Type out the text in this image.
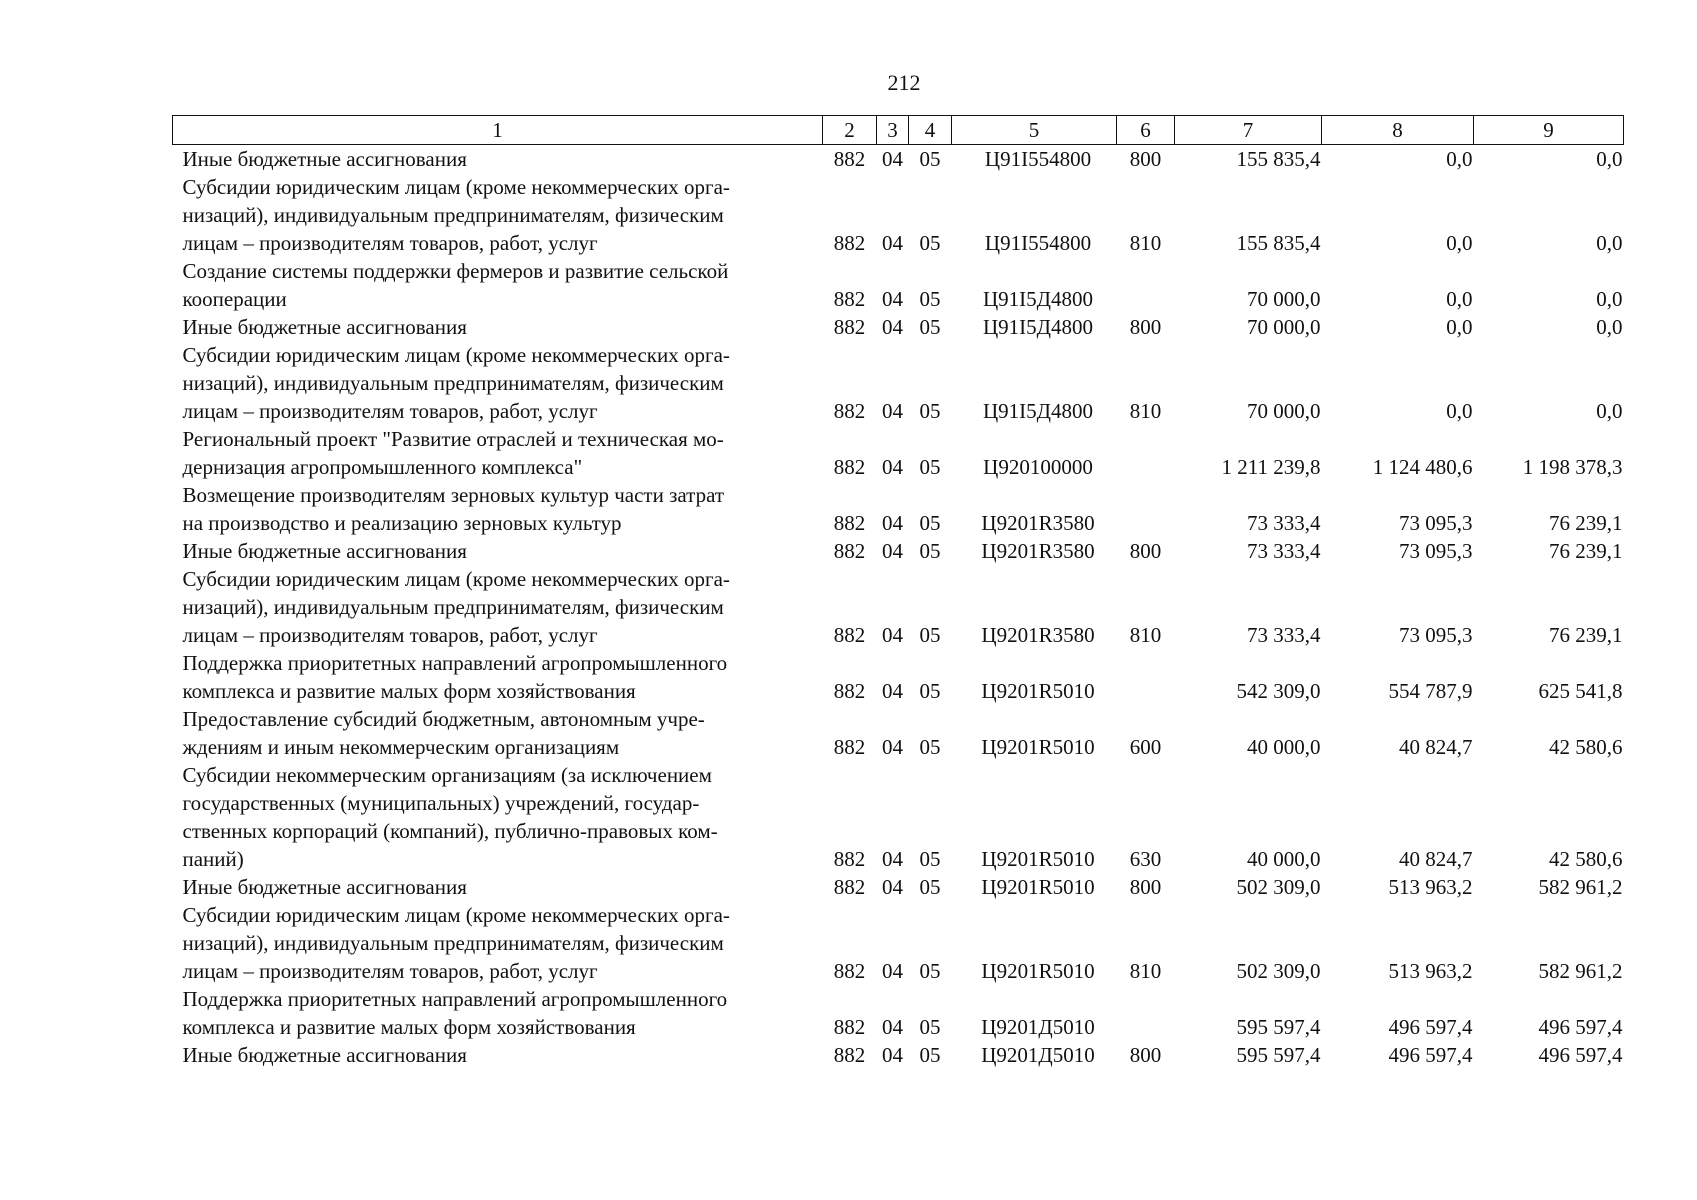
212
1	2	3	4	5	6	7	8	9
Иные бюджетные ассигнования	882	04	05	Ц91I554800	800	155 835,4	0,0	0,0
Субсидии юридическим лицам (кроме некоммерческих орга-
низаций), индивидуальным предпринимателям, физическим
лицам – производителям товаров, работ, услуг	882	04	05	Ц91I554800	810	155 835,4	0,0	0,0
Создание системы поддержки фермеров и развитие сельской
кооперации	882	04	05	Ц91I5Д4800		70 000,0	0,0	0,0
Иные бюджетные ассигнования	882	04	05	Ц91I5Д4800	800	70 000,0	0,0	0,0
Субсидии юридическим лицам (кроме некоммерческих орга-
низаций), индивидуальным предпринимателям, физическим
лицам – производителям товаров, работ, услуг	882	04	05	Ц91I5Д4800	810	70 000,0	0,0	0,0
Региональный проект "Развитие отраслей и техническая мо-
дернизация агропромышленного комплекса"	882	04	05	Ц920100000		1 211 239,8	1 124 480,6	1 198 378,3
Возмещение производителям зерновых культур части затрат
на производство и реализацию зерновых культур	882	04	05	Ц9201R3580		73 333,4	73 095,3	76 239,1
Иные бюджетные ассигнования	882	04	05	Ц9201R3580	800	73 333,4	73 095,3	76 239,1
Субсидии юридическим лицам (кроме некоммерческих орга-
низаций), индивидуальным предпринимателям, физическим
лицам – производителям товаров, работ, услуг	882	04	05	Ц9201R3580	810	73 333,4	73 095,3	76 239,1
Поддержка приоритетных направлений агропромышленного
комплекса и развитие малых форм хозяйствования	882	04	05	Ц9201R5010		542 309,0	554 787,9	625 541,8
Предоставление субсидий бюджетным, автономным учре-
ждениям и иным некоммерческим организациям	882	04	05	Ц9201R5010	600	40 000,0	40 824,7	42 580,6
Субсидии некоммерческим организациям (за исключением
государственных (муниципальных) учреждений, государ-
ственных корпораций (компаний), публично-правовых ком-
паний)	882	04	05	Ц9201R5010	630	40 000,0	40 824,7	42 580,6
Иные бюджетные ассигнования	882	04	05	Ц9201R5010	800	502 309,0	513 963,2	582 961,2
Субсидии юридическим лицам (кроме некоммерческих орга-
низаций), индивидуальным предпринимателям, физическим
лицам – производителям товаров, работ, услуг	882	04	05	Ц9201R5010	810	502 309,0	513 963,2	582 961,2
Поддержка приоритетных направлений агропромышленного
комплекса и развитие малых форм хозяйствования	882	04	05	Ц9201Д5010		595 597,4	496 597,4	496 597,4
Иные бюджетные ассигнования	882	04	05	Ц9201Д5010	800	595 597,4	496 597,4	496 597,4
